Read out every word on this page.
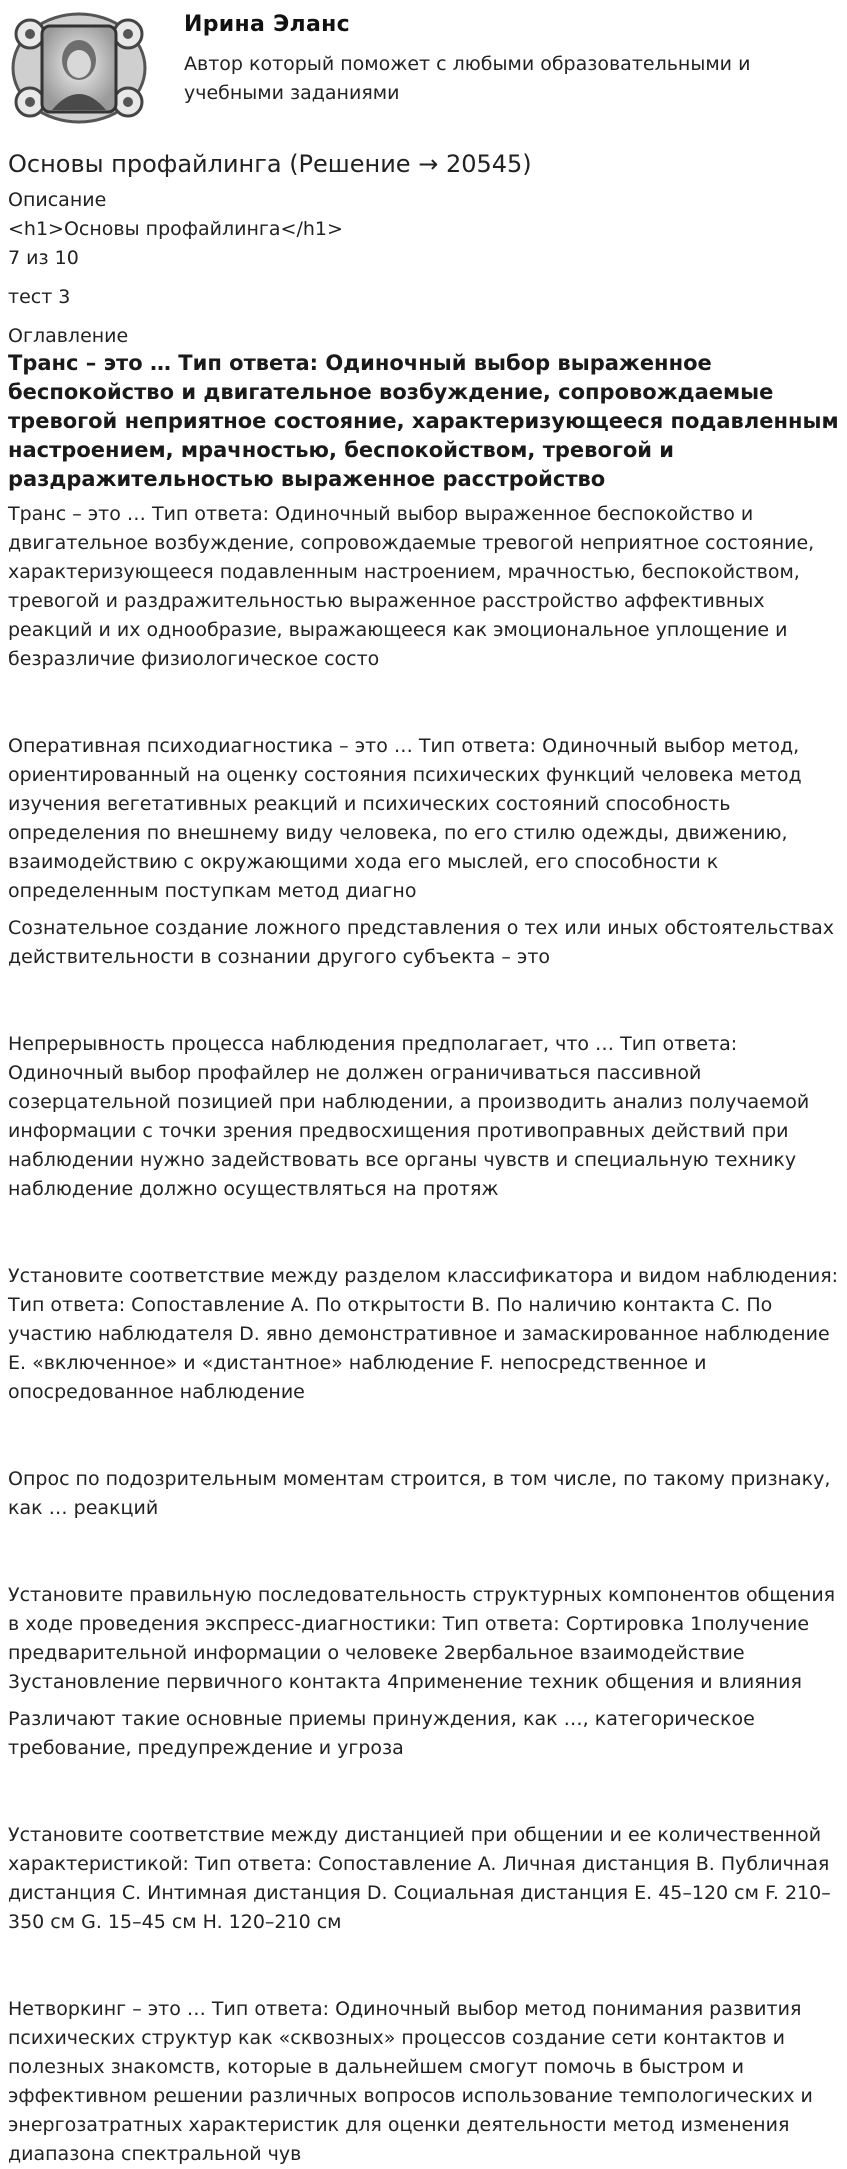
Ирина Эланс
Автор который поможет с любыми образовательными и учебными заданиями
Основы профайлинга (Решение → 20545)

Описание

<h1>Основы профайлинга</h1>

7 из 10

тест 3

Оглавление

Транс – это … Тип ответа: Одиночный выбор выраженное беспокойство и двигательное возбуждение, сопровождаемые тревогой неприятное состояние, характеризующееся подавленным настроением, мрачностью, беспокойством, тревогой и раздражительностью выраженное расстройство

Транс – это … Тип ответа: Одиночный выбор выраженное беспокойство и двигательное возбуждение, сопровождаемые тревогой неприятное состояние, характеризующееся подавленным настроением, мрачностью, беспокойством, тревогой и раздражительностью выраженное расстройство аффективных реакций и их однообразие, выражающееся как эмоциональное уплощение и безразличие физиологическое состо

Оперативная психодиагностика – это … Тип ответа: Одиночный выбор метод, ориентированный на оценку состояния психических функций человека метод изучения вегетативных реакций и психических состояний способность определения по внешнему виду человека, по его стилю одежды, движению, взаимодействию с окружающими хода его мыслей, его способности к определенным поступкам метод диагно

Сознательное создание ложного представления о тех или иных обстоятельствах действительности в сознании другого субъекта – это

Непрерывность процесса наблюдения предполагает, что … Тип ответа: Одиночный выбор профайлер не должен ограничиваться пассивной созерцательной позицией при наблюдении, а производить анализ получаемой информации с точки зрения предвосхищения противоправных действий при наблюдении нужно задействовать все органы чувств и специальную технику наблюдение должно осуществляться на протяж

Установите соответствие между разделом классификатора и видом наблюдения: Тип ответа: Сопоставление A. По открытости B. По наличию контакта C. По участию наблюдателя D. явно демонстративное и замаскированное наблюдение E. «включенное» и «дистантное» наблюдение F. непосредственное и опосредованное наблюдение

Опрос по подозрительным моментам строится, в том числе, по такому признаку, как … реакций

Установите правильную последовательность структурных компонентов общения в ходе проведения экспресс-диагностики: Тип ответа: Сортировка 1получение предварительной информации о человеке 2вербальное взаимодействие 3установление первичного контакта 4применение техник общения и влияния

Различают такие основные приемы принуждения, как …, категорическое требование, предупреждение и угроза

Установите соответствие между дистанцией при общении и ее количественной характеристикой: Тип ответа: Сопоставление A. Личная дистанция B. Публичная дистанция C. Интимная дистанция D. Социальная дистанция E. 45–120 см F. 210–350 см G. 15–45 см H. 120–210 см

Нетворкинг – это … Тип ответа: Одиночный выбор метод понимания развития психических структур как «сквозных» процессов создание сети контактов и полезных знакомств, которые в дальнейшем смогут помочь в быстром и эффективном решении различных вопросов использование темпологических и энергозатратных характеристик для оценки деятельности метод изменения диапазона спектральной чув
